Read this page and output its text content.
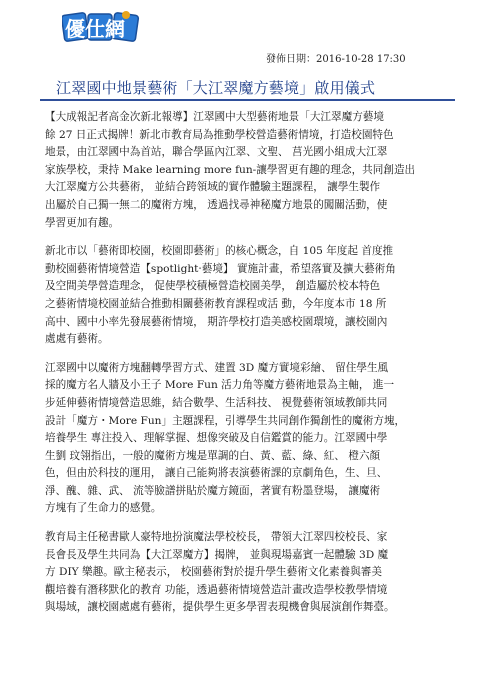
優仕網
發佈日期：2016-10-28 17:30
江翠國中地景藝術「大江翠魔方藝境」啟用儀式

【大成報記者高金次新北報導】江翠國中大型藝術地景「大江翠魔方藝境
餘 27 日正式揭牌！新北市教育局為推動學校營造藝術情境，打造校園特色
地景，由江翠國中為首站，聯合學區內江翠、文聖、 莒光國小組成大江翠
家族學校，秉持 Make learning more fun-讓學習更有趣的理念，共同創造出
大江翠魔方公共藝術， 並結合跨領域的實作體驗主題課程， 讓學生製作
出屬於自己獨一無二的魔術方塊， 透過找尋神秘魔方地景的闖關活動，使
學習更加有趣。

新北市以「藝術即校園，校園即藝術」的核心概念，自 105 年度起 首度推
動校園藝術情境營造【spotlight‧藝境】 實施計畫，希望落實及擴大藝術角
及空間美學營造理念， 促使學校積極營造校園美學， 創造屬於校本特色
之藝術情境校園並結合推動相關藝術教育課程或活 動，今年度本市 18 所
高中、國中小率先發展藝術情境， 期許學校打造美感校園環境，讓校園內
處處有藝術。

江翠國中以魔術方塊翻轉學習方式、建置 3D 魔方實境彩繪、 留住學生風
採的魔方名人牆及小王子 More Fun 活力角等魔方藝術地景為主軸， 進一
步延伸藝術情境營造思維，結合數學、生活科技、 視覺藝術領域教師共同
設計「魔方・More Fun」主題課程，引導學生共同創作獨創性的魔術方塊，
培養學生 專注投入、理解掌握、想像突破及自信鑑賞的能力。江翠國中學
生劉 玟翎指出，一般的魔術方塊是單調的白、黃、藍、綠、紅、 橙六顏
色，但由於科技的運用， 讓自己能夠將表演藝術課的京劇角色，生、旦、
淨、醜、雜、武、 流等臉譜拼貼於魔方鏡面，著實有粉墨登場， 讓魔術
方塊有了生命力的感覺。

教育局主任秘書歐人豪特地扮演魔法學校校長， 帶領大江翠四校校長、家
長會長及學生共同為【大江翠魔方】揭牌， 並與現場嘉賓一起體驗 3D 魔
方 DIY 樂趣。歐主秘表示， 校園藝術對於提升學生藝術文化素養與審美
觀培養有潛移默化的教育 功能，透過藝術情境營造計畫改造學校教學情境
與場域，讓校園處處有藝術，提供學生更多學習表現機會與展演創作舞臺。
